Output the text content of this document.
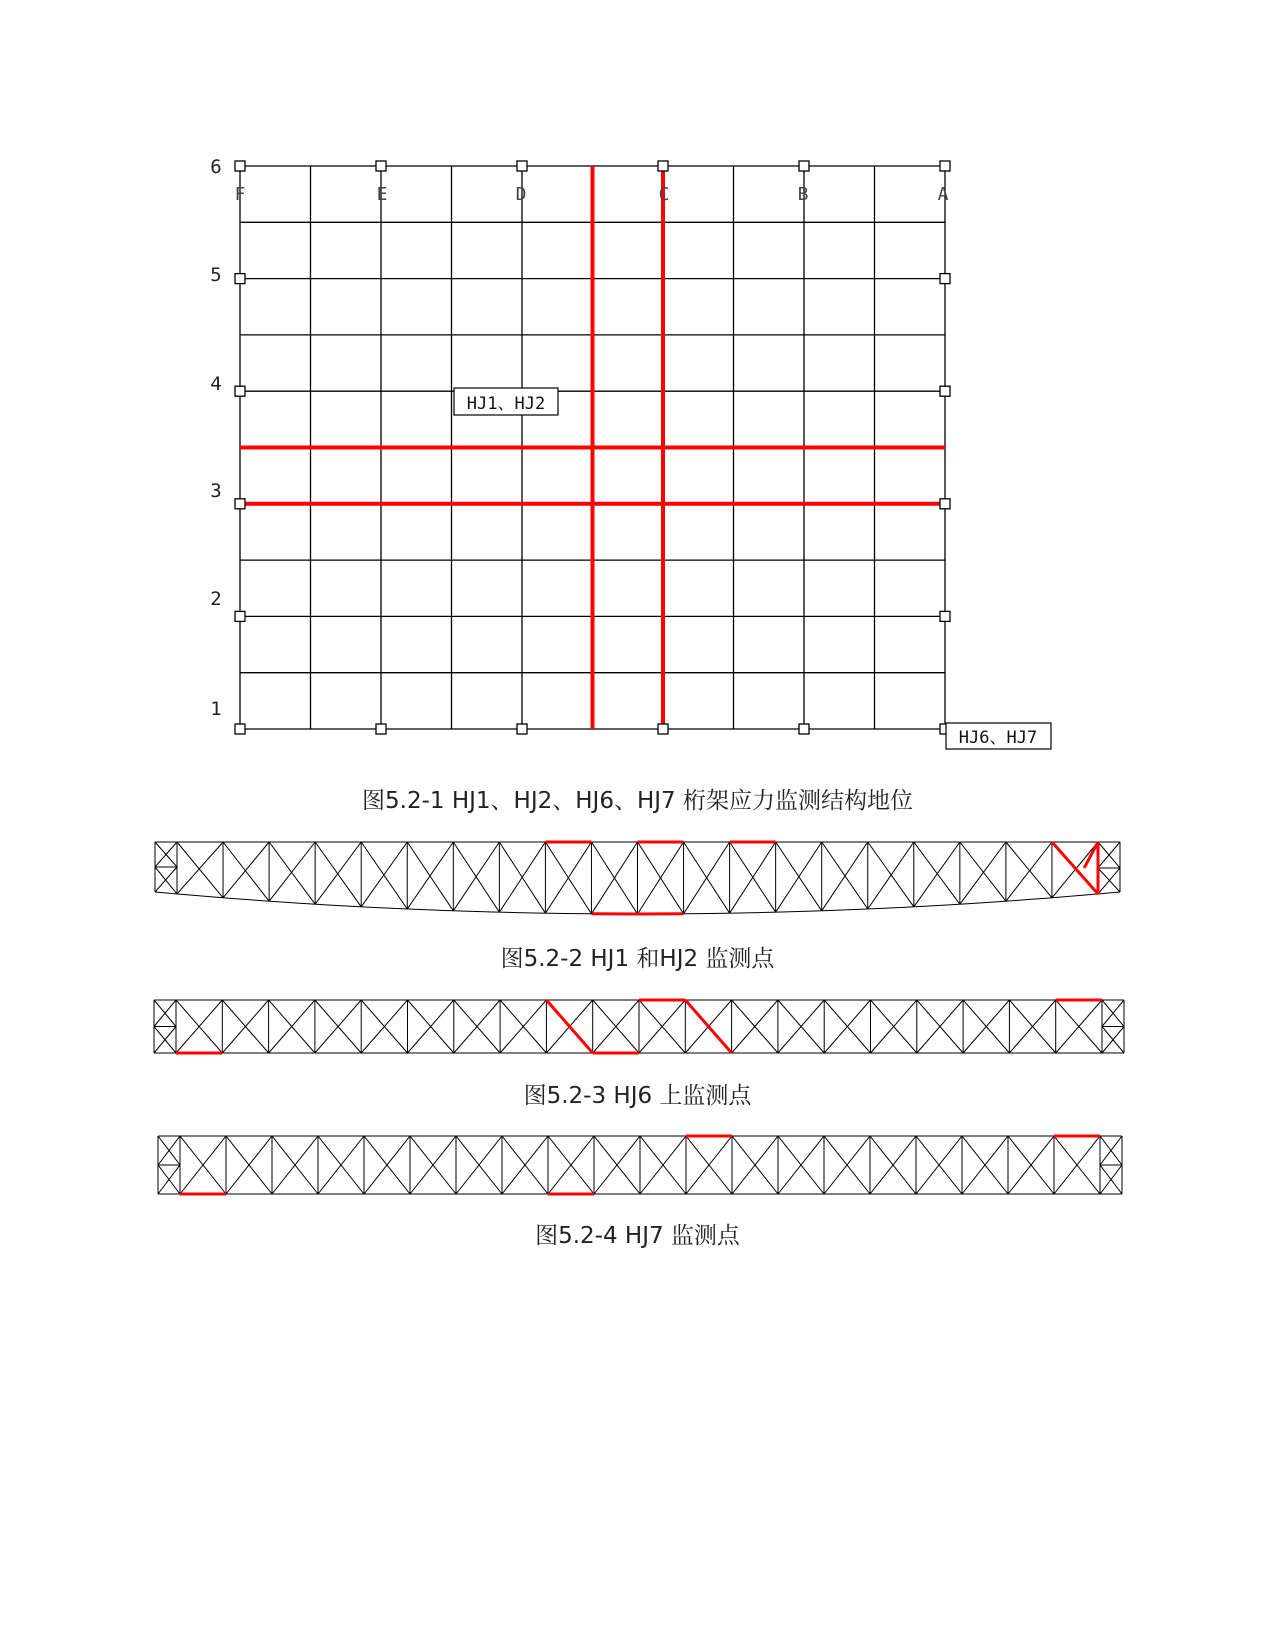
6
5
4
3
2
1
F	E	D	C	B	A
HJ1、HJ2
HJ6、HJ7
图5.2-1 HJ1、HJ2、HJ6、HJ7 桁架应力监测结构地位
图5.2-2 HJ1 和HJ2 监测点
图5.2-3 HJ6 上监测点
图5.2-4 HJ7 监测点
